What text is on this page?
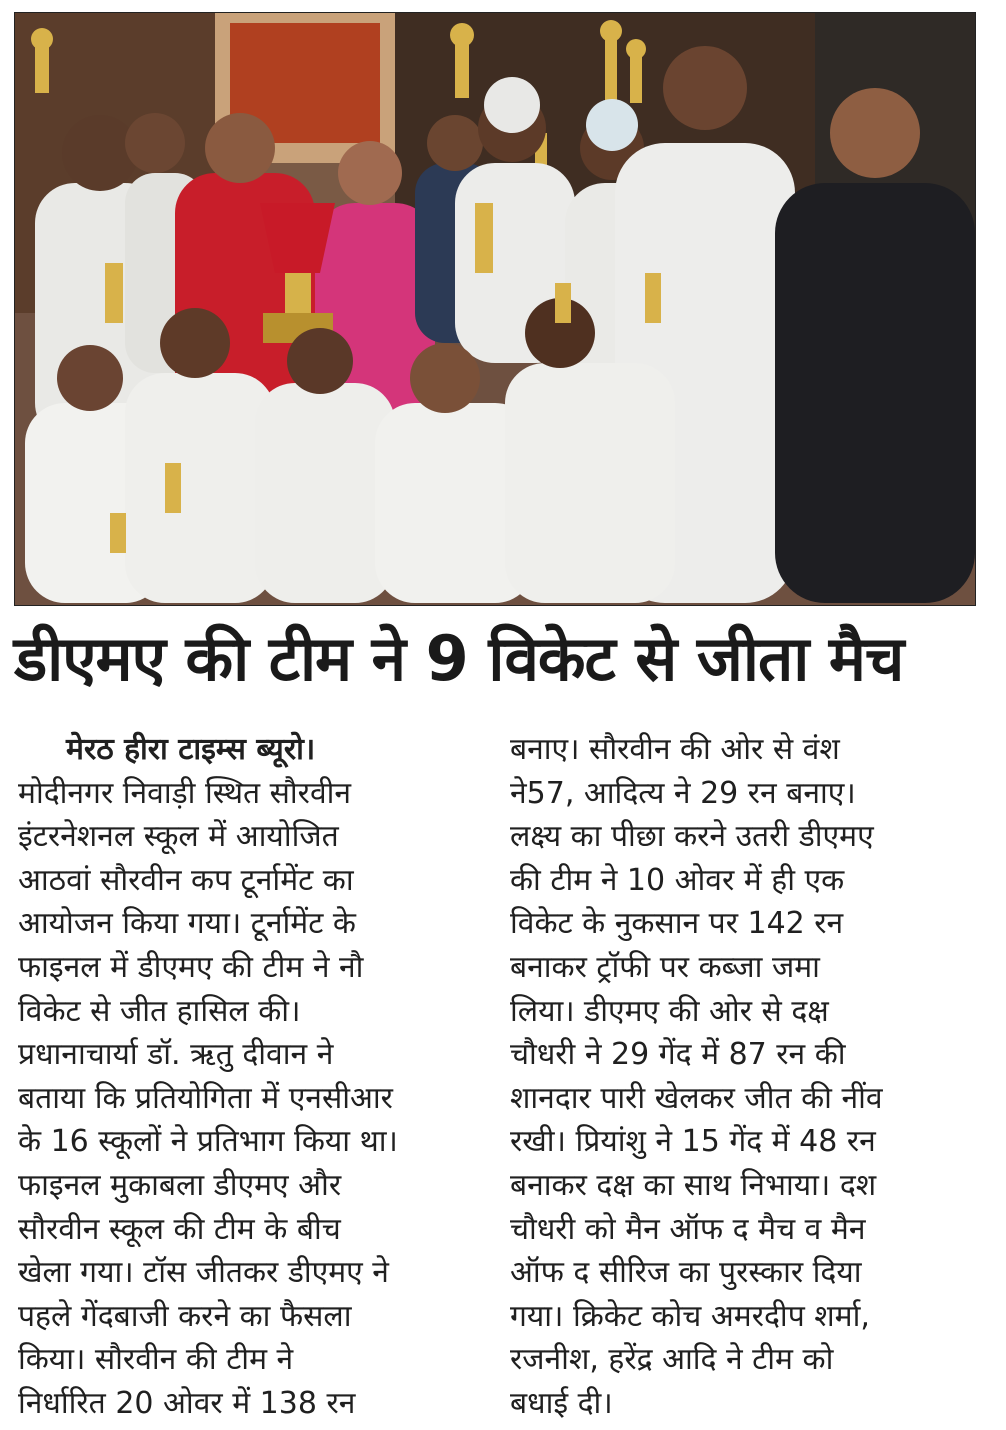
डीएमए की टीम ने 9 विकेट से जीता मैच
मेरठ हीरा टाइम्स ब्यूरो।
मोदीनगर निवाड़ी स्थित सौरवीन
इंटरनेशनल स्कूल में आयोजित
आठवां सौरवीन कप टूर्नामेंट का
आयोजन किया गया। टूर्नामेंट के
फाइनल में डीएमए की टीम ने नौ
विकेट से जीत हासिल की।
प्रधानाचार्या डॉ. ऋतु दीवान ने
बताया कि प्रतियोगिता में एनसीआर
के 16 स्कूलों ने प्रतिभाग किया था।
फाइनल मुकाबला डीएमए और
सौरवीन स्कूल की टीम के बीच
खेला गया। टॉस जीतकर डीएमए ने
पहले गेंदबाजी करने का फैसला
किया। सौरवीन की टीम ने
निर्धारित 20 ओवर में 138 रन
बनाए। सौरवीन की ओर से वंश
ने57, आदित्य ने 29 रन बनाए।
लक्ष्य का पीछा करने उतरी डीएमए
की टीम ने 10 ओवर में ही एक
विकेट के नुकसान पर 142 रन
बनाकर ट्रॉफी पर कब्जा जमा
लिया। डीएमए की ओर से दक्ष
चौधरी ने 29 गेंद में 87 रन की
शानदार पारी खेलकर जीत की नींव
रखी। प्रियांशु ने 15 गेंद में 48 रन
बनाकर दक्ष का साथ निभाया। दश
चौधरी को मैन ऑफ द मैच व मैन
ऑफ द सीरिज का पुरस्कार दिया
गया। क्रिकेट कोच अमरदीप शर्मा,
रजनीश, हरेंद्र आदि ने टीम को
बधाई दी।
